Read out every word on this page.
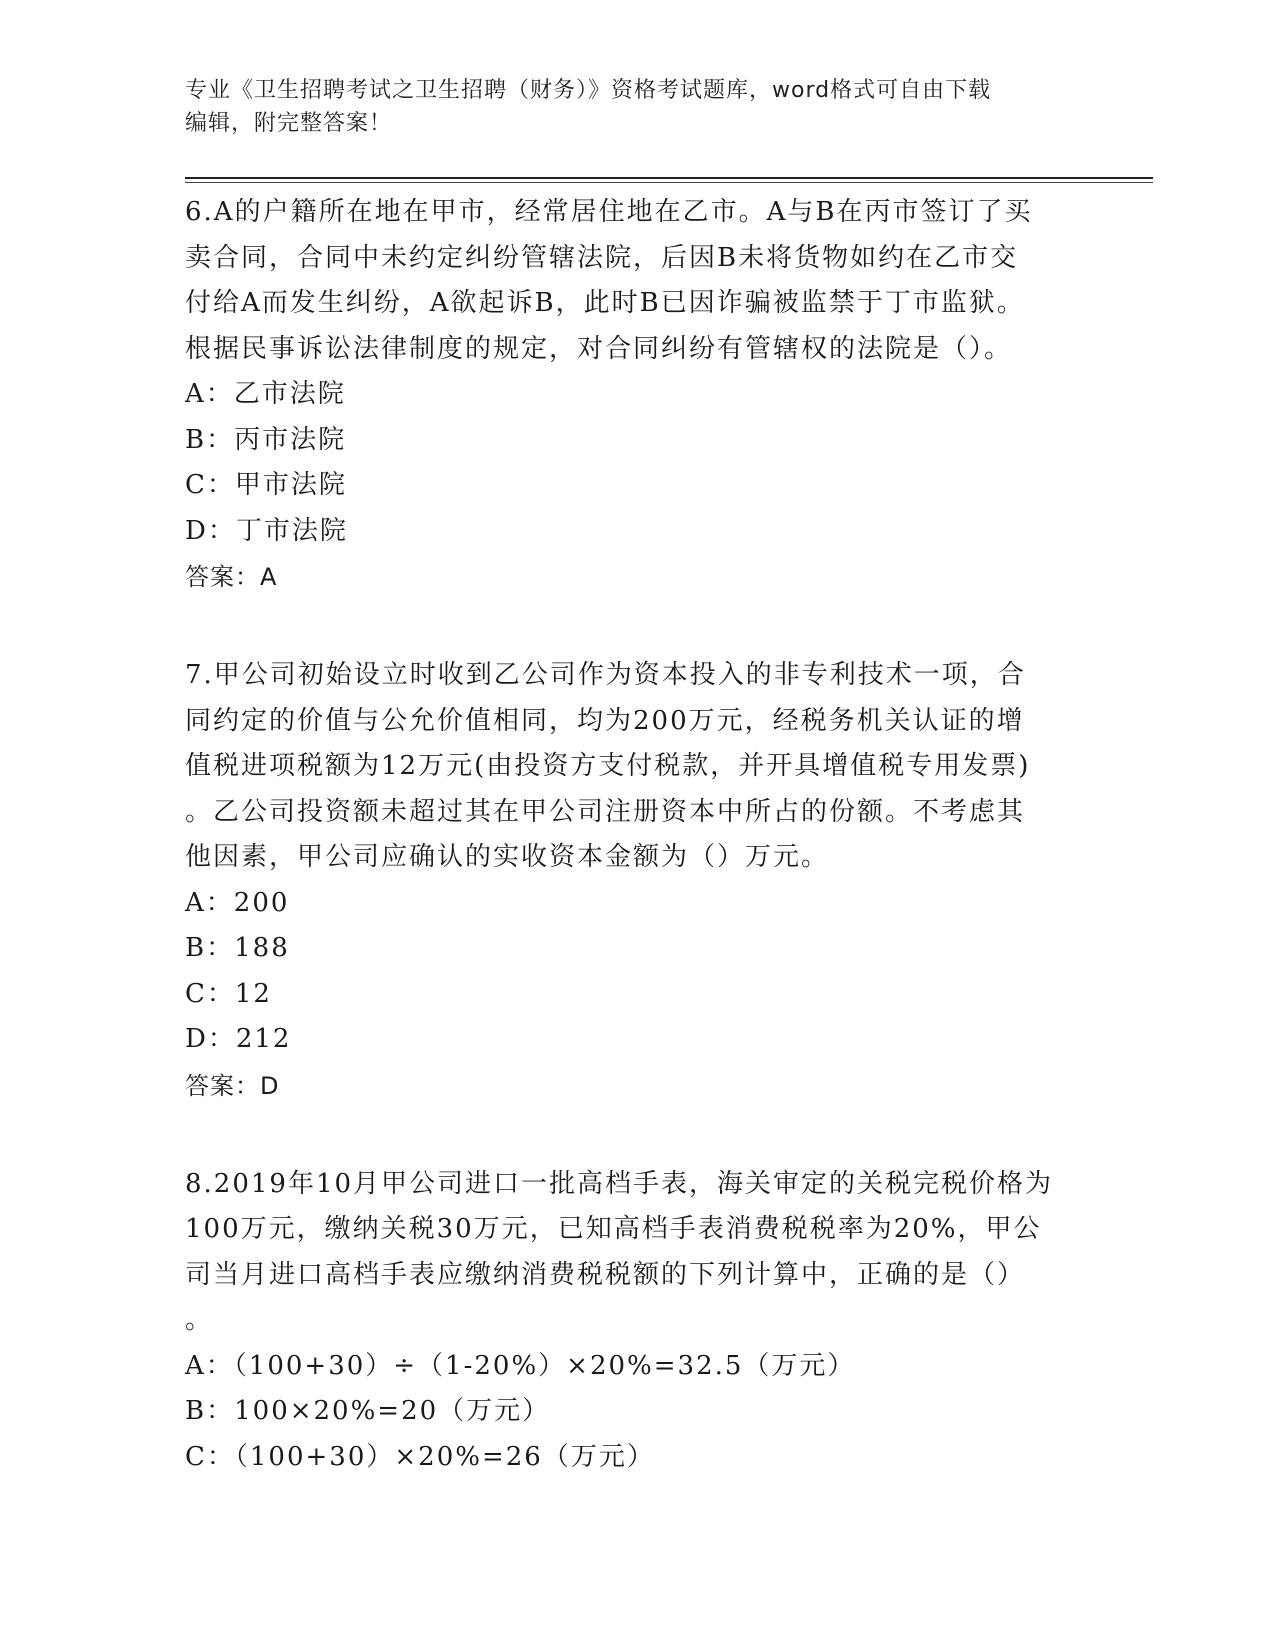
专业《卫生招聘考试之卫生招聘（财务）》资格考试题库，word格式可自由下载
编辑，附完整答案！
6.A的户籍所在地在甲市，经常居住地在乙市。A与B在丙市签订了买
卖合同，合同中未约定纠纷管辖法院，后因B未将货物如约在乙市交
付给A而发生纠纷，A欲起诉B，此时B已因诈骗被监禁于丁市监狱。
根据民事诉讼法律制度的规定，对合同纠纷有管辖权的法院是（）。
A：乙市法院
B：丙市法院
C：甲市法院
D：丁市法院
答案：A
7.甲公司初始设立时收到乙公司作为资本投入的非专利技术一项，合
同约定的价值与公允价值相同，均为200万元，经税务机关认证的增
值税进项税额为12万元(由投资方支付税款，并开具增值税专用发票)
。乙公司投资额未超过其在甲公司注册资本中所占的份额。不考虑其
他因素，甲公司应确认的实收资本金额为（）万元。
A：200
B：188
C：12
D：212
答案：D
8.2019年10月甲公司进口一批高档手表，海关审定的关税完税价格为
100万元，缴纳关税30万元，已知高档手表消费税税率为20%，甲公
司当月进口高档手表应缴纳消费税税额的下列计算中，正确的是（）
。
A：（100+30）÷（1-20%）×20%=32.5（万元）
B：100×20%=20（万元）
C：（100+30）×20%=26（万元）
